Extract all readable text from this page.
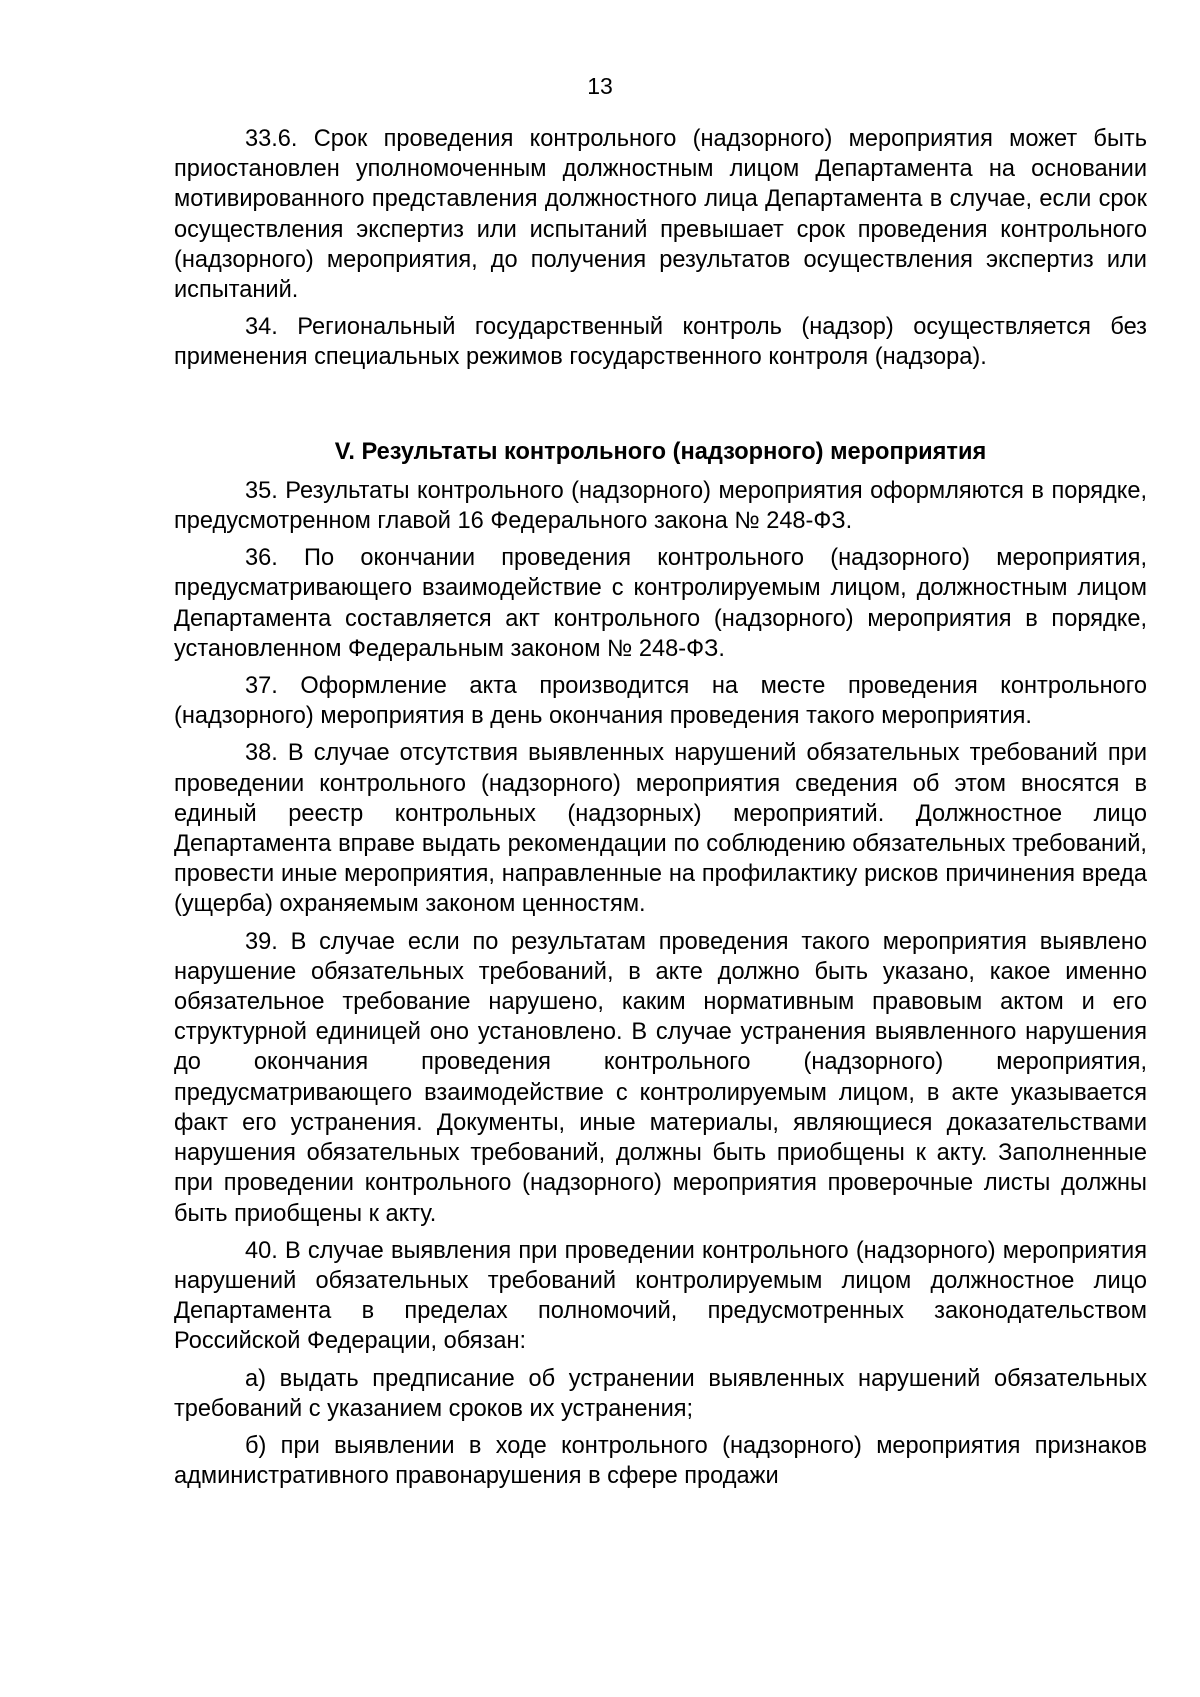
13

33.6. Срок проведения контрольного (надзорного) мероприятия может быть приостановлен уполномоченным должностным лицом Департамента на основании мотивированного представления должностного лица Департамента в случае, если срок осуществления экспертиз или испытаний превышает срок проведения контрольного (надзорного) мероприятия, до получения результатов осуществления экспертиз или испытаний.

34. Региональный государственный контроль (надзор) осуществляется без применения специальных режимов государственного контроля (надзора).

V. Результаты контрольного (надзорного) мероприятия

35. Результаты контрольного (надзорного) мероприятия оформляются в порядке, предусмотренном главой 16 Федерального закона № 248-ФЗ.

36. По окончании проведения контрольного (надзорного) мероприятия, предусматривающего взаимодействие с контролируемым лицом, должностным лицом Департамента составляется акт контрольного (надзорного) мероприятия в порядке, установленном Федеральным законом № 248-ФЗ.

37. Оформление акта производится на месте проведения контрольного (надзорного) мероприятия в день окончания проведения такого мероприятия.

38. В случае отсутствия выявленных нарушений обязательных требований при проведении контрольного (надзорного) мероприятия сведения об этом вносятся в единый реестр контрольных (надзорных) мероприятий. Должностное лицо Департамента вправе выдать рекомендации по соблюдению обязательных требований, провести иные мероприятия, направленные на профилактику рисков причинения вреда (ущерба) охраняемым законом ценностям.

39. В случае если по результатам проведения такого мероприятия выявлено нарушение обязательных требований, в акте должно быть указано, какое именно обязательное требование нарушено, каким нормативным правовым актом и его структурной единицей оно установлено. В случае устранения выявленного нарушения до окончания проведения контрольного (надзорного) мероприятия, предусматривающего взаимодействие с контролируемым лицом, в акте указывается факт его устранения. Документы, иные материалы, являющиеся доказательствами нарушения обязательных требований, должны быть приобщены к акту. Заполненные при проведении контрольного (надзорного) мероприятия проверочные листы должны быть приобщены к акту.

40. В случае выявления при проведении контрольного (надзорного) мероприятия нарушений обязательных требований контролируемым лицом должностное лицо Департамента в пределах полномочий, предусмотренных законодательством Российской Федерации, обязан:

а) выдать предписание об устранении выявленных нарушений обязательных требований с указанием сроков их устранения;

б) при выявлении в ходе контрольного (надзорного) мероприятия признаков административного правонарушения в сфере продажи
